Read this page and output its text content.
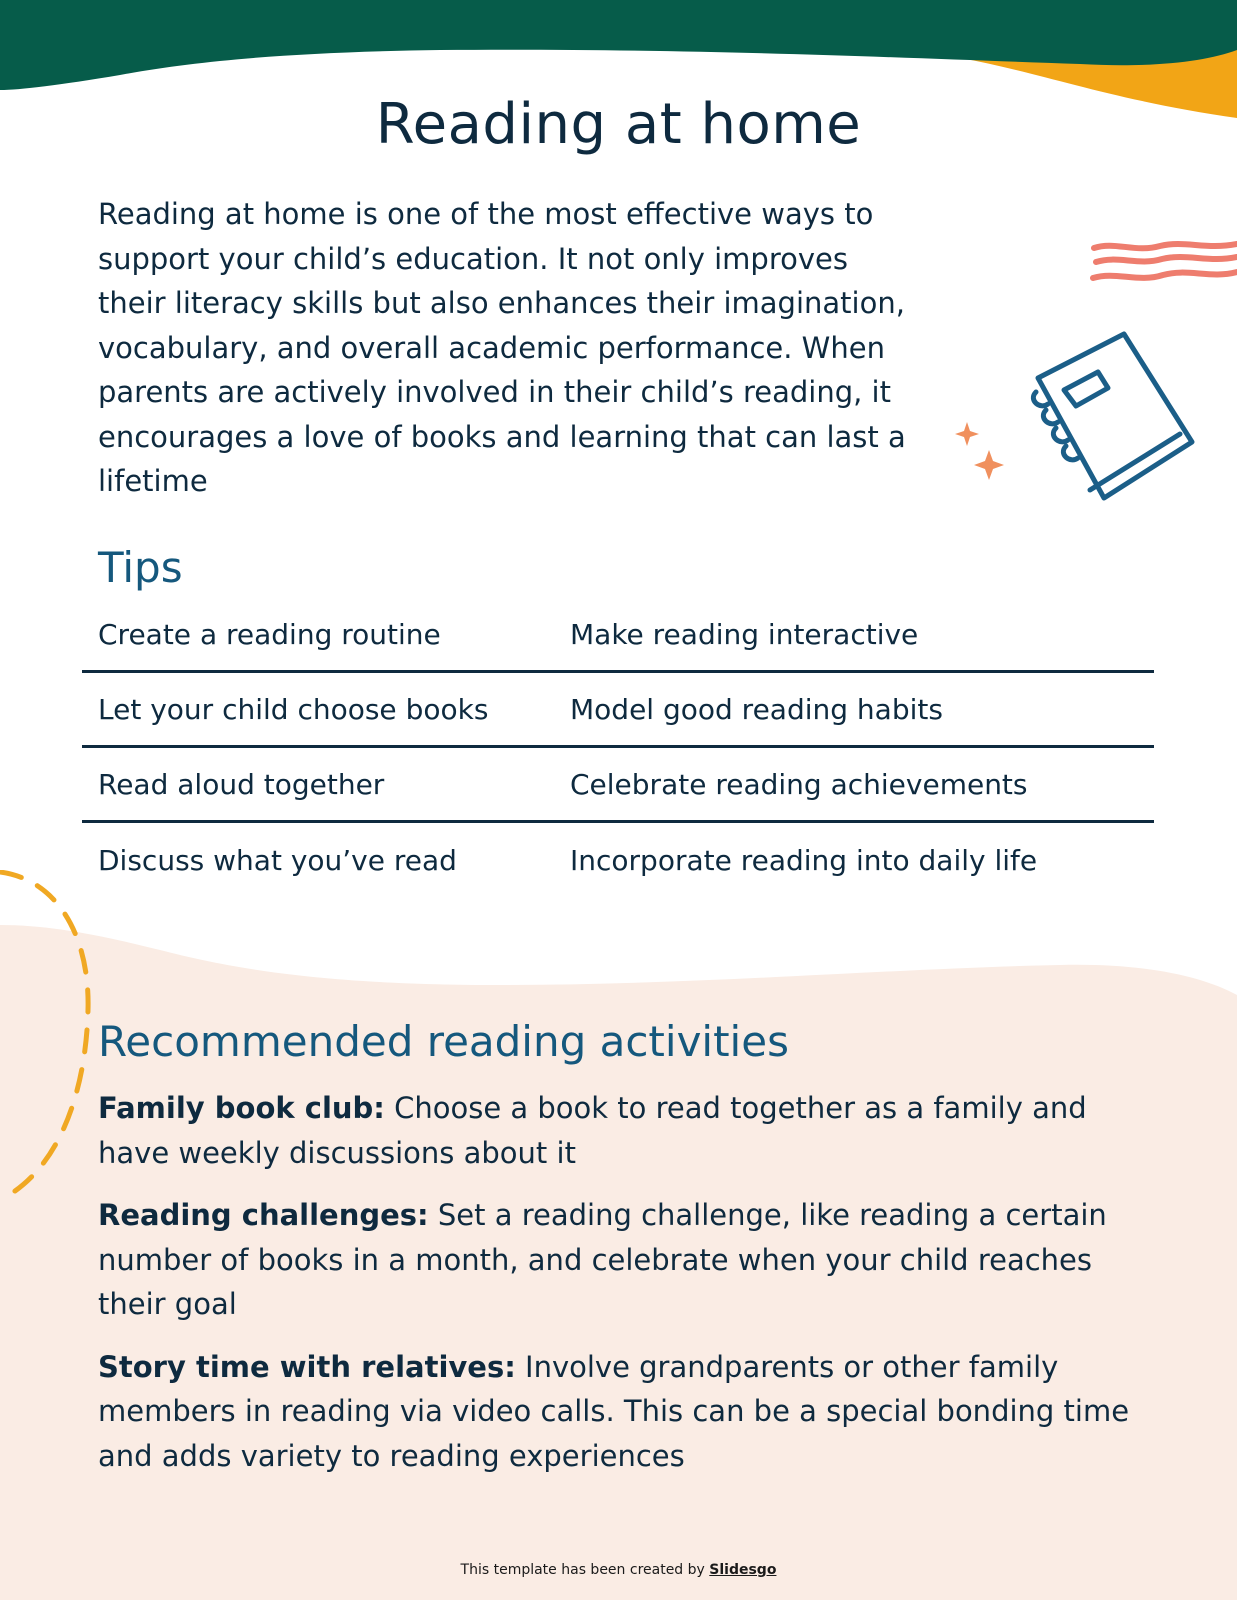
Reading at home

Reading at home is one of the most effective ways to support your child’s education. It not only improves their literacy skills but also enhances their imagination, vocabulary, and overall academic performance. When parents are actively involved in their child’s reading, it encourages a love of books and learning that can last a lifetime

Tips
Create a reading routine	Make reading interactive
Let your child choose books	Model good reading habits
Read aloud together	Celebrate reading achievements
Discuss what you’ve read	Incorporate reading into daily life
Recommended reading activities

Family book club: Choose a book to read together as a family and have weekly discussions about it

Reading challenges: Set a reading challenge, like reading a certain number of books in a month, and celebrate when your child reaches their goal

Story time with relatives: Involve grandparents or other family members in reading via video calls. This can be a special bonding time and adds variety to reading experiences

This template has been created by Slidesgo
